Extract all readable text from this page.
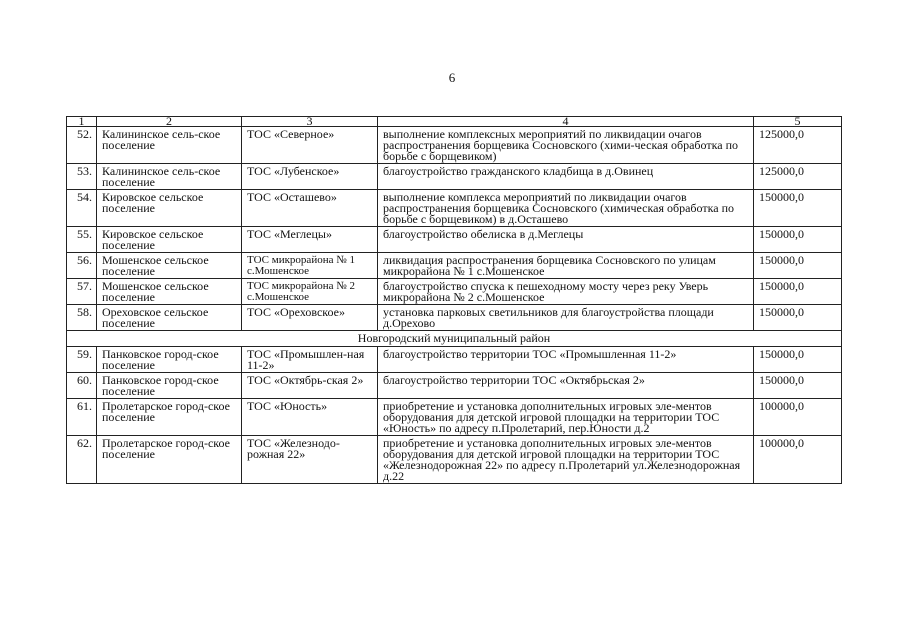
6
1	2	3	4	5
52.	Калининское сель-ское поселение	ТОС «Северное»	выполнение комплексных мероприятий по ликвидации очагов распространения борщевика Сосновского (хими-ческая обработка по борьбе с борщевиком)	125000,0
53.	Калининское сель-ское поселение	ТОС «Лубенское»	благоустройство гражданского кладбища в д.Овинец	125000,0
54.	Кировское сельское поселение	ТОС «Осташево»	выполнение комплекса мероприятий по ликвидации очагов распространения борщевика Сосновского (химическая обработка по борьбе с борщевиком) в д.Осташево	150000,0
55.	Кировское сельское поселение	ТОС «Меглецы»	благоустройство обелиска в д.Меглецы	150000,0
56.	Мошенское сельское поселение	ТОС микрорайона № 1 с.Мошенское	ликвидация распространения борщевика Сосновского по улицам микрорайона № 1 с.Мошенское	150000,0
57.	Мошенское сельское поселение	ТОС микрорайона № 2 с.Мошенское	благоустройство спуска к пешеходному мосту через реку Уверь микрорайона № 2 с.Мошенское	150000,0
58.	Ореховское сельское поселение	ТОС «Ореховское»	установка парковых светильников для благоустройства площади д.Орехово	150000,0
Новгородский муниципальный район				
59.	Панковское город-ское поселение	ТОС «Промышлен-ная 11-2»	благоустройство территории ТОС «Промышленная 11-2»	150000,0
60.	Панковское город-ское поселение	ТОС «Октябрь-ская 2»	благоустройство территории ТОС «Октябрьская 2»	150000,0
61.	Пролетарское город-ское поселение	ТОС «Юность»	приобретение и установка дополнительных игровых эле-ментов оборудования для детской игровой площадки на территории ТОС «Юность» по адресу п.Пролетарий, пер.Юности д.2	100000,0
62.	Пролетарское город-ское поселение	ТОС «Железнодо-рожная 22»	приобретение и установка дополнительных игровых эле-ментов оборудования для детской игровой площадки на территории ТОС «Железнодорожная 22» по адресу п.Пролетарий ул.Железнодорожная д.22	100000,0
